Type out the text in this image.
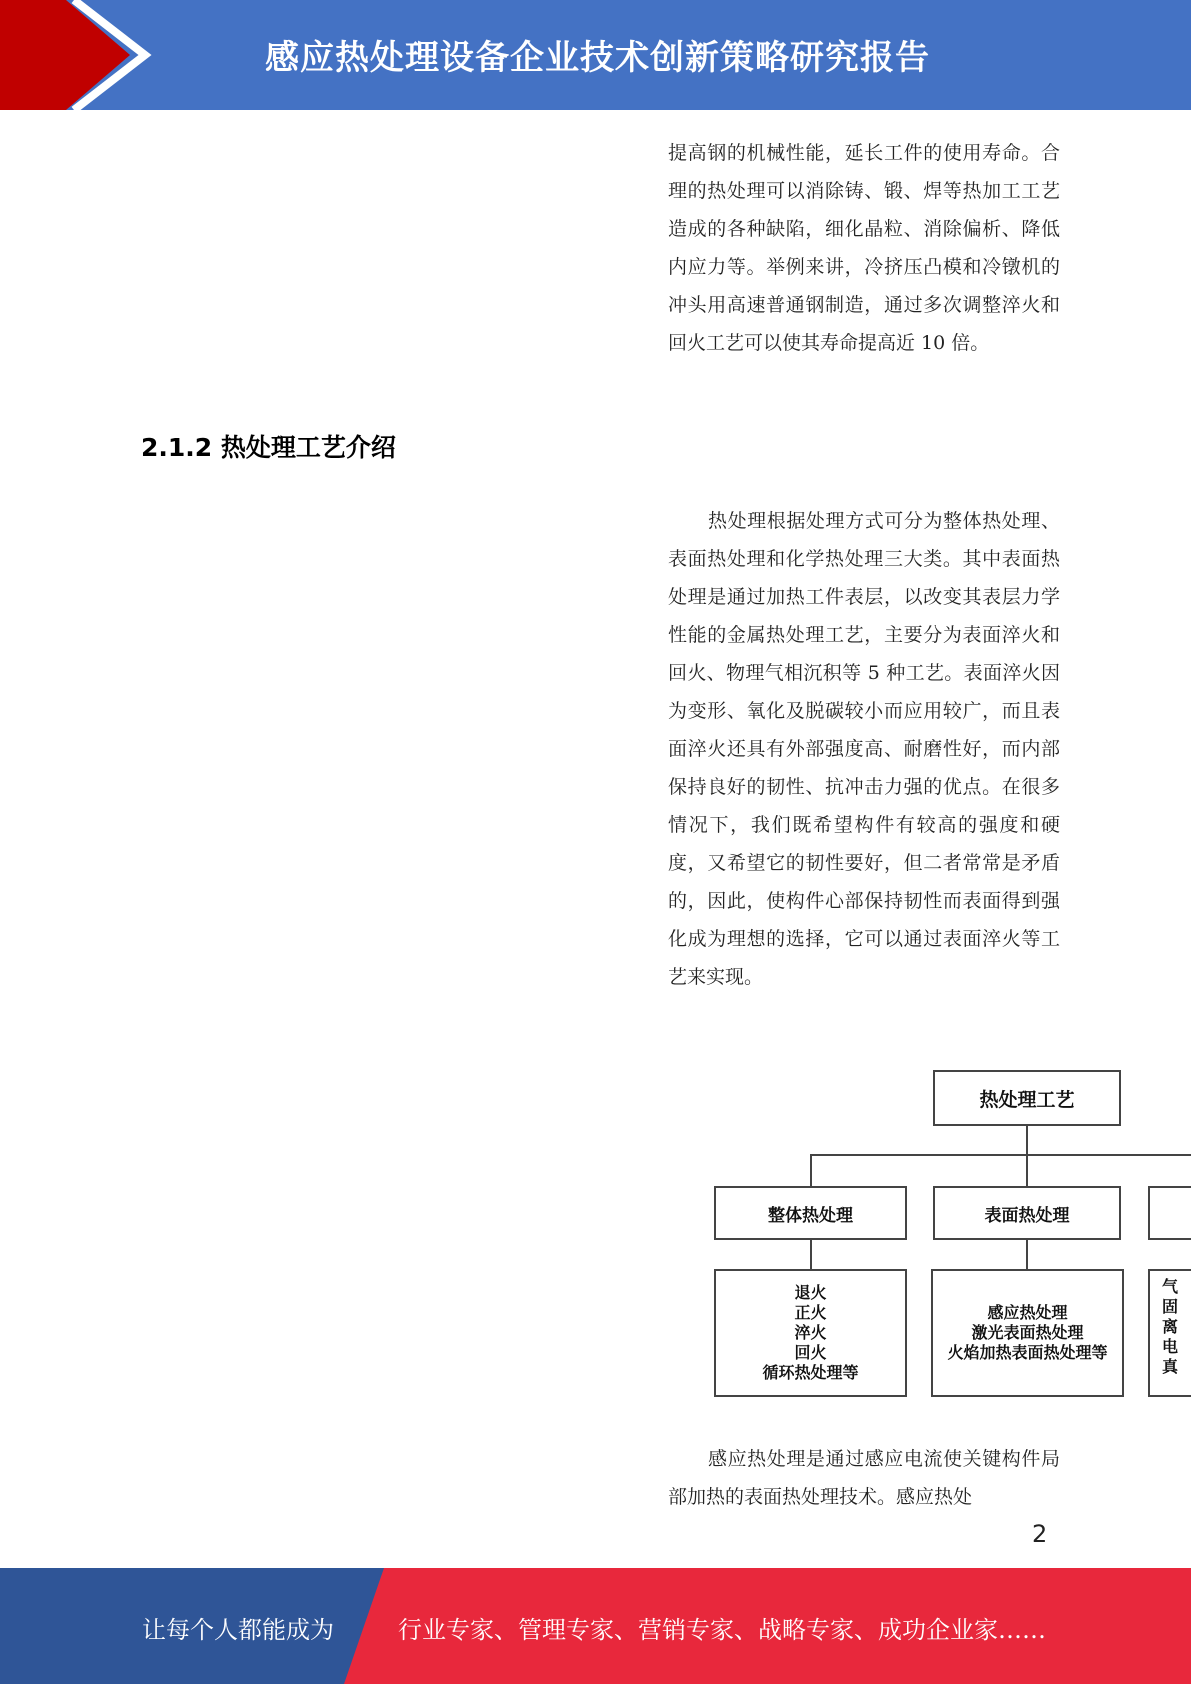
感应热处理设备企业技术创新策略研究报告

提高钢的机械性能，延长工件的使用寿命。合理的热处理可以消除铸、锻、焊等热加工工艺造成的各种缺陷，细化晶粒、消除偏析、降低内应力等。举例来讲，冷挤压凸模和冷镦机的冲头用高速普通钢制造，通过多次调整淬火和回火工艺可以使其寿命提高近 10 倍。

2.1.2 热处理工艺介绍

热处理根据处理方式可分为整体热处理、表面热处理和化学热处理三大类。其中表面热处理是通过加热工件表层，以改变其表层力学性能的金属热处理工艺，主要分为表面淬火和回火、物理气相沉积等 5 种工艺。表面淬火因为变形、氧化及脱碳较小而应用较广，而且表面淬火还具有外部强度高、耐磨性好，而内部保持良好的韧性、抗冲击力强的优点。在很多情况下，我们既希望构件有较高的强度和硬度，又希望它的韧性要好，但二者常常是矛盾的，因此，使构件心部保持韧性而表面得到强化成为理想的选择，它可以通过表面淬火等工艺来实现。

热处理工艺
整体热处理	表面热处理
退火
正火
淬火
回火
循环热处理等
感应热处理
激光表面热处理
火焰加热表面热处理等
气
固
离
电
真

感应热处理是通过感应电流使关键构件局部加热的表面热处理技术。感应热处

2
让每个人都能成为	行业专家、管理专家、营销专家、战略专家、成功企业家……
